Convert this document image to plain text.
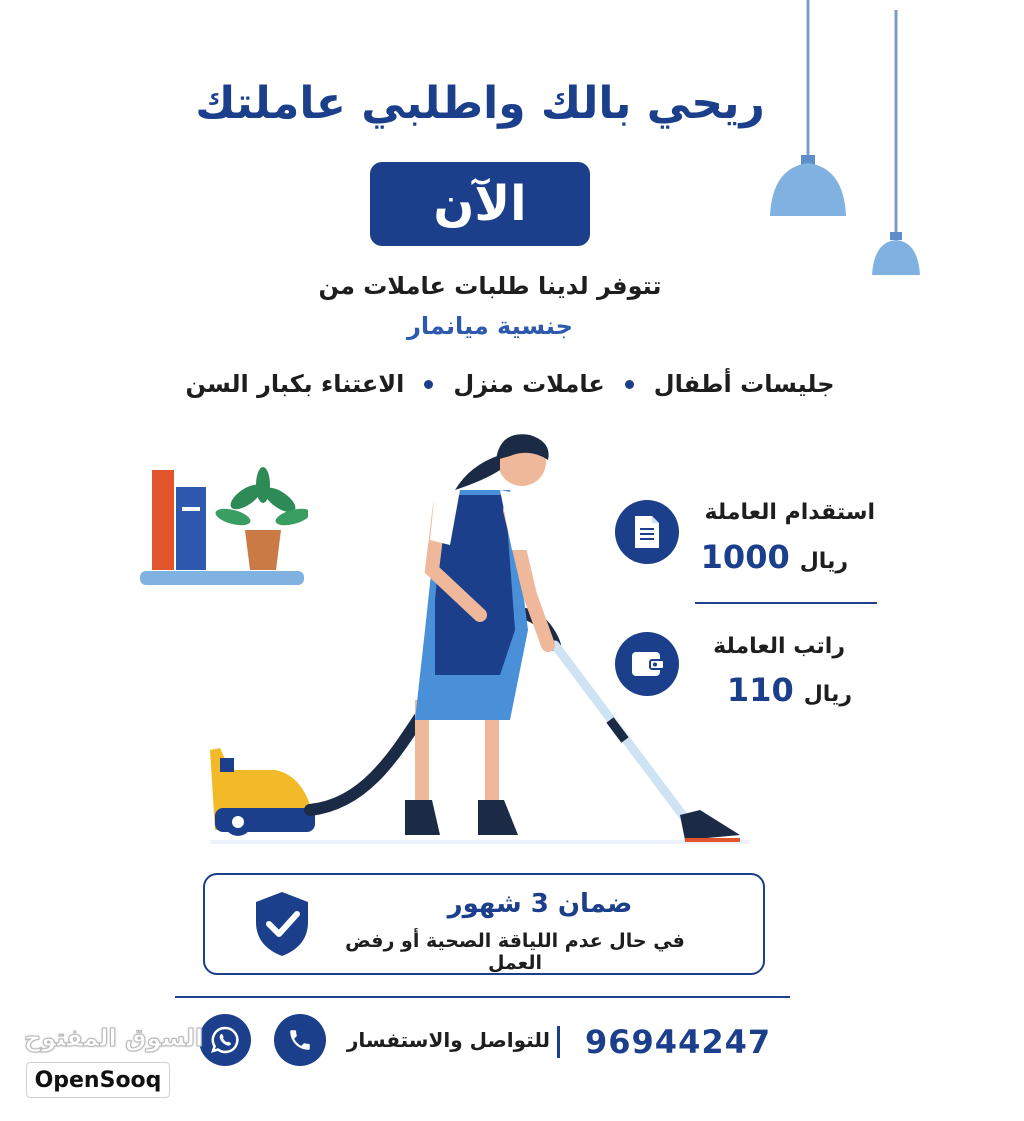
ريحي بالك واطلبي عاملتك
الآن
تتوفر لدينا طلبات عاملات من
جنسية ميانمار
جليسات أطفال
عاملات منزل
الاعتناء بكبار السن
استقدام العاملة
ريال
1000
راتب العاملة
ريال
110
ضمان 3 شهور
في حال عدم اللياقة الصحية أو رفض العمل
96944247
للتواصل والاستفسار
السوق المفتوح
OpenSooq
